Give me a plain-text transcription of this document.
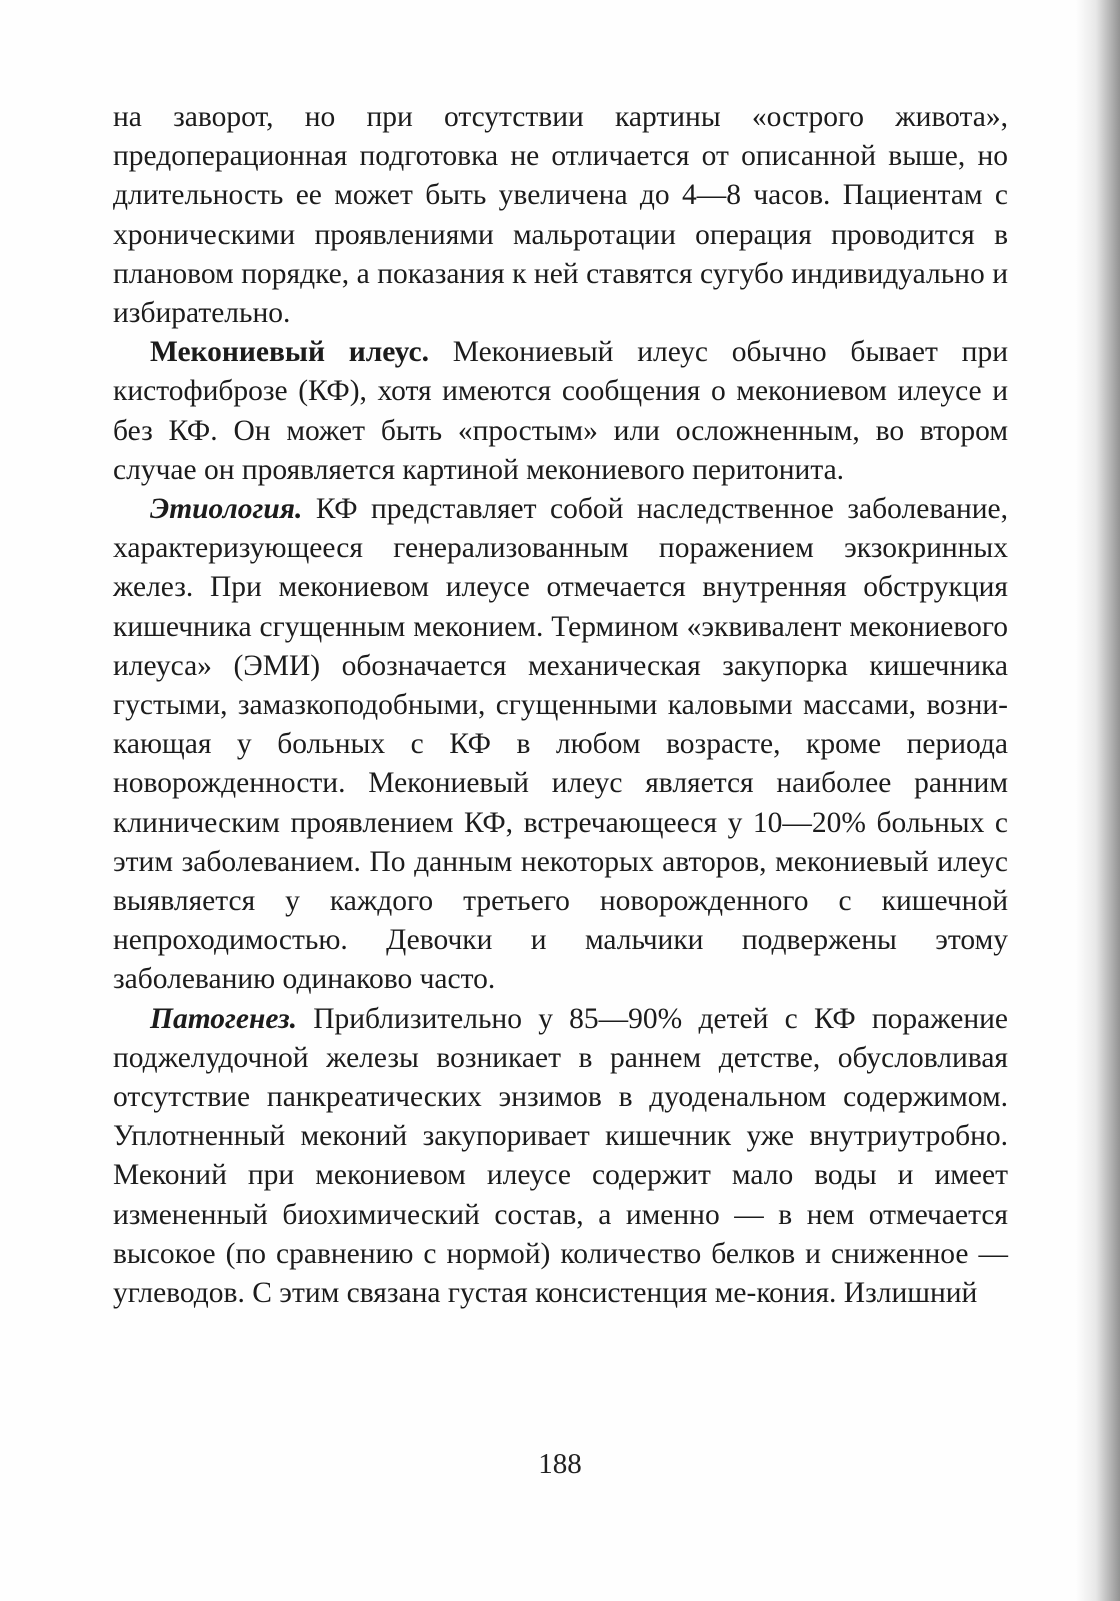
на заворот, но при отсутствии картины «острого живота», предоперационная подготовка не отличается от описанной выше, но длительность ее может быть увеличена до 4—8 часов. Пациентам с хроническими проявлениями мальротации операция проводится в плановом порядке, а показания к ней ставятся сугубо индивидуально и избирательно.

Мекониевый илеус. Мекониевый илеус обычно бывает при кистофиброзе (КФ), хотя имеются сообщения о мекониевом илеусе и без КФ. Он может быть «простым» или осложненным, во втором случае он проявляется картиной мекониевого перитонита.

Этиология. КФ представляет собой наследственное заболевание, характеризующееся генерализованным поражением экзокринных желез. При мекониевом илеусе отмечается внутренняя обструкция кишечника сгущенным меконием. Термином «эквивалент мекониевого илеуса» (ЭМИ) обозначается механическая закупорка кишечника густыми, замазкоподобными, сгущенными каловыми массами, возникающая у больных с КФ в любом возрасте, кроме периода новорожденности. Мекониевый илеус является наиболее ранним клиническим проявлением КФ, встречающееся у 10—20% больных с этим заболеванием. По данным некоторых авторов, мекониевый илеус выявляется у каждого третьего новорожденного с кишечной непроходимостью. Девочки и мальчики подвержены этому заболеванию одинаково часто.

Патогенез. Приблизительно у 85—90% детей с КФ поражение поджелудочной железы возникает в раннем детстве, обусловливая отсутствие панкреатических энзимов в дуоденальном содержимом. Уплотненный меконий закупоривает кишечник уже внутриутробно. Меконий при мекониевом илеусе содержит мало воды и имеет измененный биохимический состав, а именно — в нем отмечается высокое (по сравнению с нормой) количество белков и сниженное — углеводов. С этим связана густая консистенция ме-кония. Излишний

188
